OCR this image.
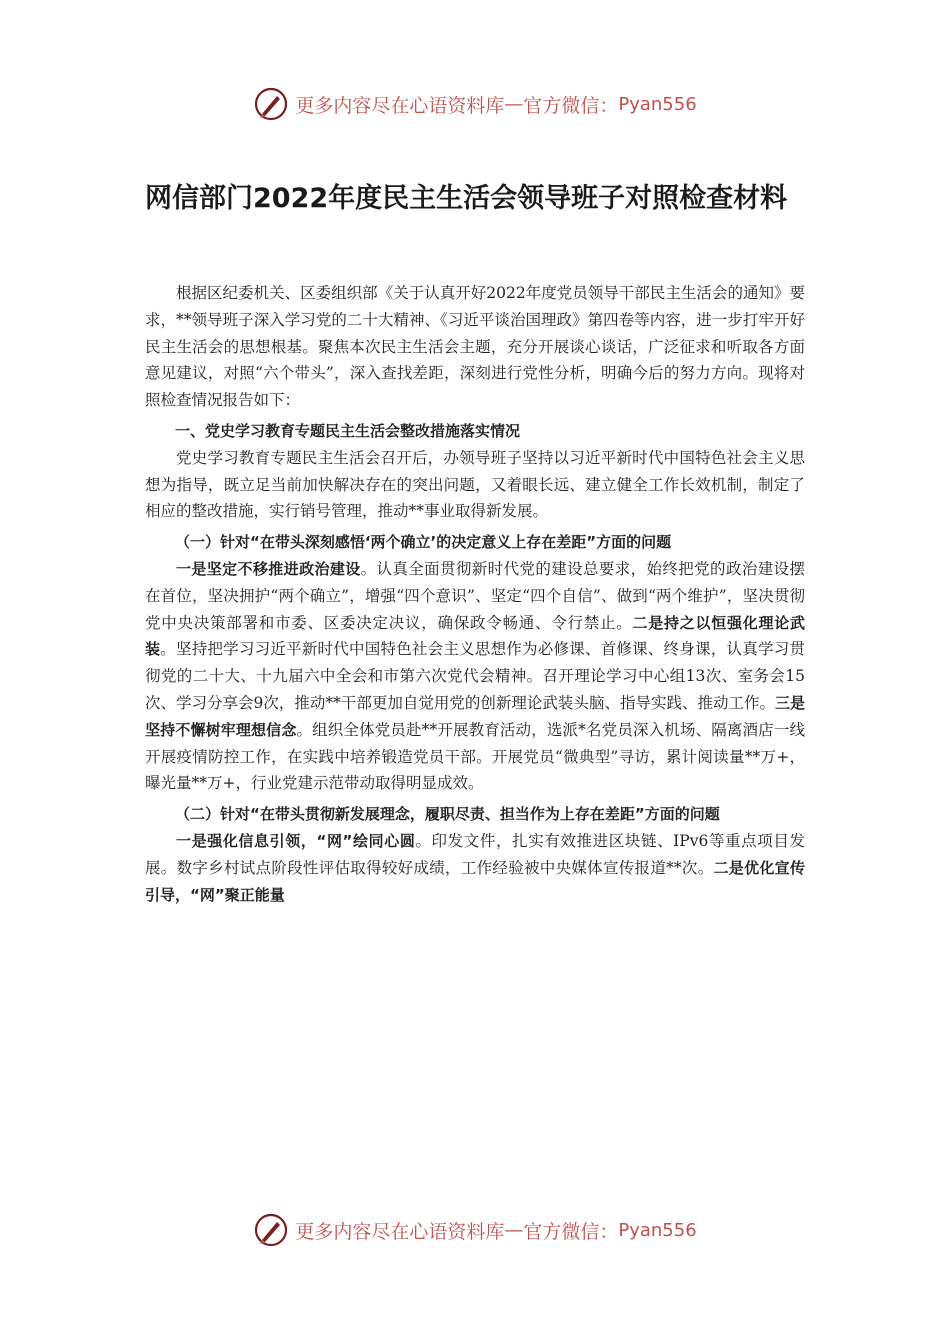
更多内容尽在心语资料库 — 官方微信： Pyan556
网信部门2022年度民主生活会领导班子对照检查材料

根据区纪委机关、区委组织部《关于认真开好2022年度党员领导干部民主生活会的通知》要求，**领导班子深入学习党的二十大精神、《习近平谈治国理政》第四卷等内容，进一步打牢开好民主生活会的思想根基。聚焦本次民主生活会主题，充分开展谈心谈话，广泛征求和听取各方面意见建议，对照“六个带头”，深入查找差距，深刻进行党性分析，明确今后的努力方向。现将对照检查情况报告如下：

一、党史学习教育专题民主生活会整改措施落实情况

党史学习教育专题民主生活会召开后，办领导班子坚持以习近平新时代中国特色社会主义思想为指导，既立足当前加快解决存在的突出问题，又着眼长远、建立健全工作长效机制，制定了相应的整改措施，实行销号管理，推动**事业取得新发展。

（一）针对“在带头深刻感悟‘两个确立’的决定意义上存在差距”方面的问题

一是坚定不移推进政治建设。认真全面贯彻新时代党的建设总要求，始终把党的政治建设摆在首位，坚决拥护“两个确立”，增强“四个意识”、坚定“四个自信”、做到“两个维护”，坚决贯彻党中央决策部署和市委、区委决定决议，确保政令畅通、令行禁止。二是持之以恒强化理论武装。坚持把学习习近平新时代中国特色社会主义思想作为必修课、首修课、终身课，认真学习贯彻党的二十大、十九届六中全会和市第六次党代会精神。召开理论学习中心组13次、室务会15次、学习分享会9次，推动**干部更加自觉用党的创新理论武装头脑、指导实践、推动工作。三是坚持不懈树牢理想信念。组织全体党员赴**开展教育活动，选派*名党员深入机场、隔离酒店一线开展疫情防控工作，在实践中培养锻造党员干部。开展党员“微典型”寻访，累计阅读量**万+，曝光量**万+，行业党建示范带动取得明显成效。

（二）针对“在带头贯彻新发展理念，履职尽责、担当作为上存在差距”方面的问题

一是强化信息引领，“网”绘同心圆。印发文件，扎实有效推进区块链、IPv6等重点项目发展。数字乡村试点阶段性评估取得较好成绩，工作经验被中央媒体宣传报道**次。二是优化宣传引导，“网”聚正能量

更多内容尽在心语资料库 — 官方微信： Pyan556
